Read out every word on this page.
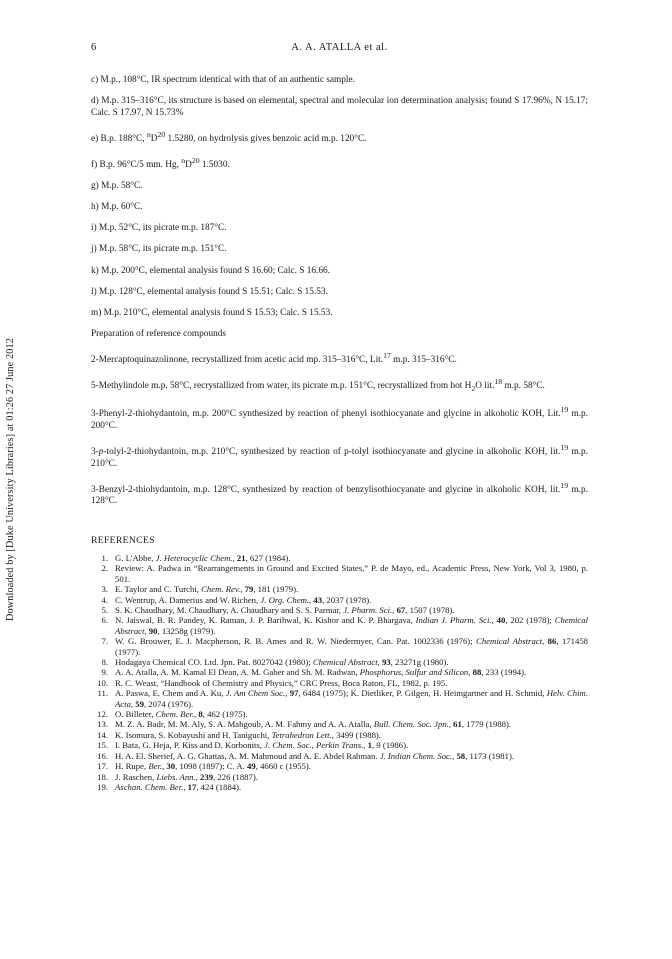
Downloaded by [Duke University Libraries] at 01:26 27 June 2012
6	A. A. ATALLA et al.

c) M.p., 108°C, IR spectrum identical with that of an authentic sample.

d) M.p. 315–316°C, its structure is based on elemental, spectral and molecular ion determination analysis; found S 17.96%, N 15.17; Calc. S 17.97, N 15.73%

e) B.p. 188°C, $^nD^{20}$ 1.5280, on hydrolysis gives benzoic acid m.p. 120°C.

f) B.p. 96°C/5 mm. Hg, $^nD^{20}$ 1.5030.

g) M.p. 58°C.

h) M.p. 60°C.

i) M.p. 52°C, its picrate m.p. 187°C.

j) M.p. 58°C, its picrate m.p. 151°C.

k) M.p. 200°C, elemental analysis found S 16.60; Calc. S 16.66.

l) M.p. 128°C, elemental analysis found S 15.51; Calc. S 15.53.

m) M.p. 210°C, elemental analysis found S 15.53; Calc. S 15.53.

Preparation of reference compounds

2-Mercaptoquinazolinone, recrystallized from acetic acid mp. 315–316°C, Lit.$^{17}$ m.p. 315–316°C.

5-Methylindole m.p. 58°C, recrystallized from water, its picrate m.p. 151°C, recrystallized from hot $H_2O$ lit.$^{18}$ m.p. 58°C.

3-Phenyl-2-thiohydantoin, m.p. 200°C synthesized by reaction of phenyl isothiocyanate and glycine in alkoholic KOH, Lit.$^{19}$ m.p. 200°C.

3-p-tolyl-2-thiohydantoin, m.p. 210°C, synthesized by reaction of p-tolyl isothiocyanate and glycine in alkoholic KOH, lit.$^{19}$ m.p. 210°C.

3-Benzyl-2-thiohydantoin, m.p. 128°C, synthesized by reaction of benzylisothiocyanate and glycine in alkoholic KOH, lit.$^{19}$ m.p. 128°C.

REFERENCES
1. G. L'Abbe, J. Heterocyclic Chem., 21, 627 (1984).
2. Review: A. Padwa in “Rearrangements in Ground and Excited States,” P. de Mayo, ed., Academic Press, New York, Vol 3, 1980, p. 501.
3. E. Taylor and C. Turchi, Chem. Rev., 79, 181 (1979).
4. C. Wentrup, A. Damerius and W. Richen, J. Org. Chem., 43, 2037 (1978).
5. S. K. Chaudhary, M. Chaudhary, A. Chaudhary and S. S. Parmar, J. Pharm. Sci., 67, 1507 (1978).
6. N. Jaiswal, B. R. Pandey, K. Raman, J. P. Barihwal, K. Kishor and K. P. Bhargava, Indian J. Pharm. Sci., 40, 202 (1978); Chemical Abstract, 90, 13258g (1979).
7. W. G. Brouwer, E. J. Macpherson, R. B. Ames and R. W. Niedermyer, Can. Pat. 1002336 (1976); Chemical Abstract, 86, 171458 (1977).
8. Hodagaya Chemical CO. Ltd. Jpn. Pat. 8027042 (1980); Chemical Abstract, 93, 23271g (1980).
9. A. A. Atalla, A. M. Kamal El Dean, A. M. Gaber and Sh. M. Radwan, Phosphorus, Sulfur and Silicon, 88, 233 (1994).
10. R. C. Weast, “Handbook of Chemistry and Physics,” CRC Press, Boca Raton, FL, 1982, p. 195.
11. A. Paswa, E. Chem and A. Ku, J. Am Chem Soc., 97, 6484 (1975); K. Dietliker, P. Gilgen, H. Heimgartner and H. Schmid, Helv. Chim. Acta, 59, 2074 (1976).
12. O. Billeter, Chem. Ber., 8, 462 (1975).
13. M. Z. A. Badr, M. M. Aly, S. A. Mahgoub, A. M. Fahmy and A. A. Atalla, Bull. Chem. Soc. Jpn., 61, 1779 (1988).
14. K. Isomura, S. Kobayushi and H. Taniguchi, Tetrahedron Lett., 3499 (1988).
15. I. Bata, G. Heja, P. Kiss and D. Korbonits, J. Chem. Soc., Perkin Trans., 1, 9 (1986).
16. H. A. El. Sherief, A. G. Ghattas, A. M. Mahmoud and A. E. Abdel Rahman. J. Indian Chem. Soc., 58, 1173 (1981).
17. H. Rupe, Ber., 30, 1098 (1897); C. A. 49, 4660 c (1955).
18. J. Raschen, Liebs. Ann., 239, 226 (1887).
19. Aschan. Chem. Ber., 17, 424 (1884).
